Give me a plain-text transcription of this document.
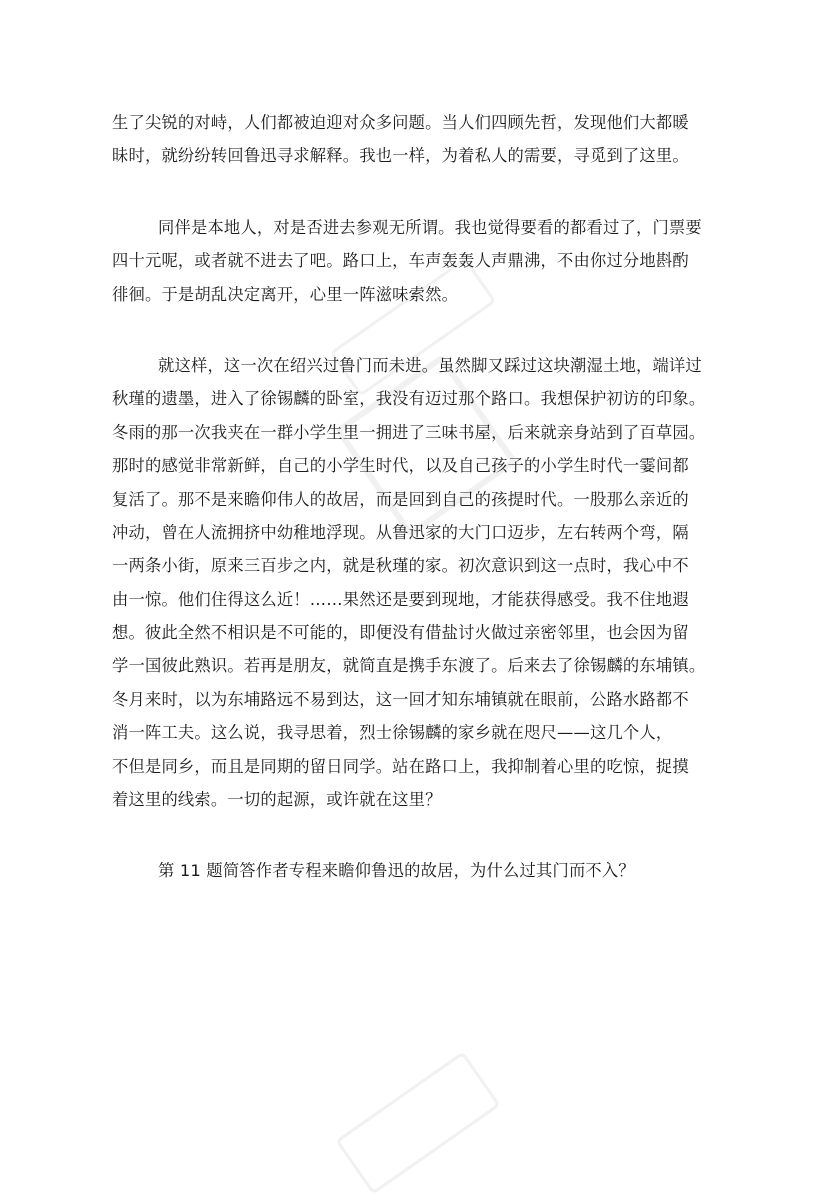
生了尖锐的对峙，人们都被迫迎对众多问题。当人们四顾先哲，发现他们大都暖
昧时，就纷纷转回鲁迅寻求解释。我也一样，为着私人的需要，寻觅到了这里。
同伴是本地人，对是否进去参观无所谓。我也觉得要看的都看过了，门票要
四十元呢，或者就不进去了吧。路口上，车声轰轰人声鼎沸，不由你过分地斟酌
徘徊。于是胡乱决定离开，心里一阵滋味索然。
就这样，这一次在绍兴过鲁门而未进。虽然脚又踩过这块潮湿土地，端详过
秋瑾的遗墨，进入了徐锡麟的卧室，我没有迈过那个路口。我想保护初访的印象。
冬雨的那一次我夹在一群小学生里一拥进了三味书屋，后来就亲身站到了百草园。
那时的感觉非常新鲜，自己的小学生时代，以及自己孩子的小学生时代一霎间都
复活了。那不是来瞻仰伟人的故居，而是回到自己的孩提时代。一股那么亲近的
冲动，曾在人流拥挤中幼稚地浮现。从鲁迅家的大门口迈步，左右转两个弯，隔
一两条小街，原来三百步之内，就是秋瑾的家。初次意识到这一点时，我心中不
由一惊。他们住得这么近！……果然还是要到现地，才能获得感受。我不住地遐
想。彼此全然不相识是不可能的，即便没有借盐讨火做过亲密邻里，也会因为留
学一国彼此熟识。若再是朋友，就简直是携手东渡了。后来去了徐锡麟的东埔镇。
冬月来时，以为东埔路远不易到达，这一回才知东埔镇就在眼前，公路水路都不
消一阵工夫。这么说，我寻思着，烈士徐锡麟的家乡就在咫尺——这几个人，
不但是同乡，而且是同期的留日同学。站在路口上，我抑制着心里的吃惊，捉摸
着这里的线索。一切的起源，或许就在这里？
第 11 题简答作者专程来瞻仰鲁迅的故居，为什么过其门而不入？
